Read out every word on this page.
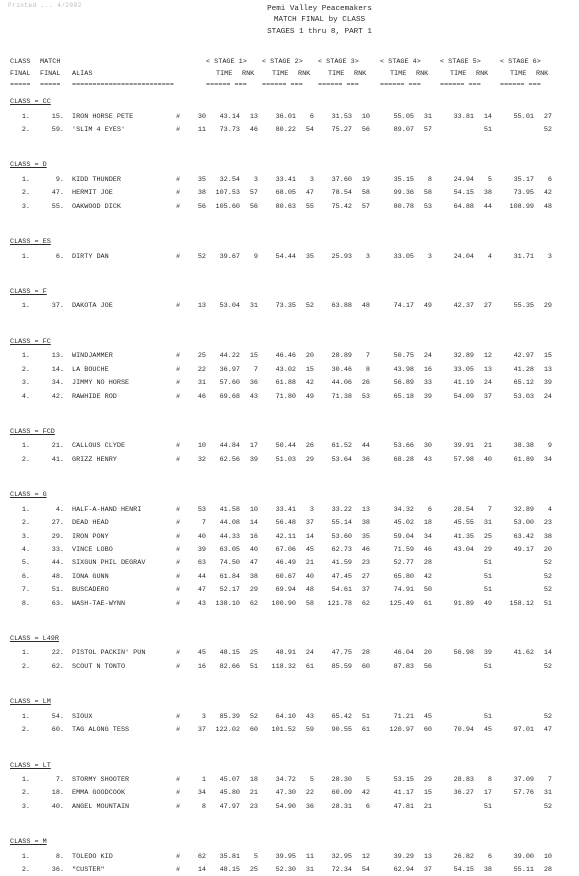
Printed ... 4/2002	Pemi Valley Peacemakers
MATCH FINAL by CLASS
STAGES 1 thru 8, PART 1
CLASS	MATCH	< STAGE 1>	< STAGE 2>	< STAGE 3>	< STAGE 4>	< STAGE 5>	< STAGE 6>
FINAL	FINAL	ALIAS	TIME	RNK	TIME	RNK	TIME	RNK	TIME	RNK	TIME	RNK	TIME	RNK
=====	=====	=========================	====== ===	====== ===	====== ===	====== ===	====== ===	====== ===
CLASS = CC
1.	15. IRON HORSE PETE	#	30	43.14	13	36.01	6	31.53	10	55.05	31	33.81	14	55.01	27
2.	59. 'SLIM 4 EYES'	#	11	73.73	46	80.22	54	75.27	56	89.07	57	51	52
CLASS = D
1.	9. KIDD THUNDER	#	35	32.54	3	33.41	3	37.60	19	35.15	8	24.94	5	35.17	6
2.	47. HERMIT JOE	#	38	107.53	57	68.05	47	78.54	58	99.36	58	54.15	38	73.95	42
3.	55. OAKWOOD DICK	#	56	105.60	56	80.63	55	75.42	57	80.78	53	64.88	44	108.99	48
CLASS = ES
1.	6. DIRTY DAN	#	52	39.67	9	54.44	35	25.93	3	33.05	3	24.04	4	31.71	3
CLASS = F
1.	37. DAKOTA JOE	#	13	53.04	31	73.35	52	63.88	48	74.17	49	42.37	27	55.35	29
CLASS = FC
1.	13. WINDJAMMER	#	25	44.22	15	46.46	20	28.89	7	50.75	24	32.89	12	42.97	15
2.	14. LA BOUCHE	#	22	36.97	7	43.02	15	30.46	8	43.98	16	33.05	13	41.28	13
3.	34. JIMMY NO HORSE	#	31	57.60	36	61.88	42	44.06	26	56.89	33	41.19	24	65.12	39
4.	42. RAWHIDE ROD	#	46	69.68	43	71.80	49	71.38	53	65.18	39	54.09	37	53.03	24
CLASS = FCD
1.	21. CALLOUS CLYDE	#	10	44.84	17	50.44	26	61.52	44	53.66	30	39.91	21	38.38	9
2.	41. GRIZZ HENRY	#	32	62.56	39	51.03	29	53.64	36	68.28	43	57.98	40	61.89	34
CLASS = G
1.	4. HALF-A-HAND HENRI	#	53	41.58	10	33.41	3	33.22	13	34.32	6	28.54	7	32.89	4
2.	27. DEAD HEAD	#	7	44.08	14	56.48	37	55.14	38	45.02	18	45.55	31	53.00	23
3.	29. IRON PONY	#	40	44.33	16	42.11	14	53.60	35	59.04	34	41.35	25	63.42	38
4.	33. VINCE LOBO	#	39	63.05	40	67.06	45	62.73	46	71.59	46	43.04	29	49.17	20
5.	44. SIXGUN PHIL DEGRAV	#	63	74.50	47	46.49	21	41.59	23	52.77	28	51	52
6.	48. IONA GUNN	#	44	61.84	38	60.67	40	47.45	27	65.80	42	51	52
7.	51. BUSCADERO	#	47	52.17	29	69.94	48	54.61	37	74.91	50	51	52
8.	63. WASH-TAE-WYNN	#	43	138.10	62	100.90	58	121.78	62	125.49	61	91.89	49	158.12	51
CLASS = L49R
1.	22. PISTOL PACKIN' PUN	#	45	48.15	25	48.91	24	47.75	28	46.04	20	56.98	39	41.62	14
2.	62. SCOUT N TONTO	#	16	82.66	51	118.32	61	85.59	60	87.83	56	51	52
CLASS = LM
1.	54. SIOUX	#	3	85.39	52	64.10	43	65.42	51	71.21	45	51	52
2.	60. TAG ALONG TESS	#	37	122.02	60	101.52	59	90.55	61	120.97	60	70.94	45	97.01	47
CLASS = LT
1.	7. STORMY SHOOTER	#	1	45.07	18	34.72	5	28.30	5	53.15	29	28.83	8	37.09	7
2.	18. EMMA GOODCOOK	#	34	45.80	21	47.30	22	60.09	42	41.17	15	36.27	17	57.76	31
3.	40. ANGEL MOUNTAIN	#	8	47.97	23	54.90	36	28.31	6	47.81	21	51	52
CLASS = M
1.	8. TOLEDO KID	#	62	35.81	5	39.95	11	32.95	12	39.29	13	26.82	6	39.00	10
2.	36. "CUSTER"	#	14	48.15	25	52.30	31	72.34	54	62.94	37	54.15	38	55.11	28
